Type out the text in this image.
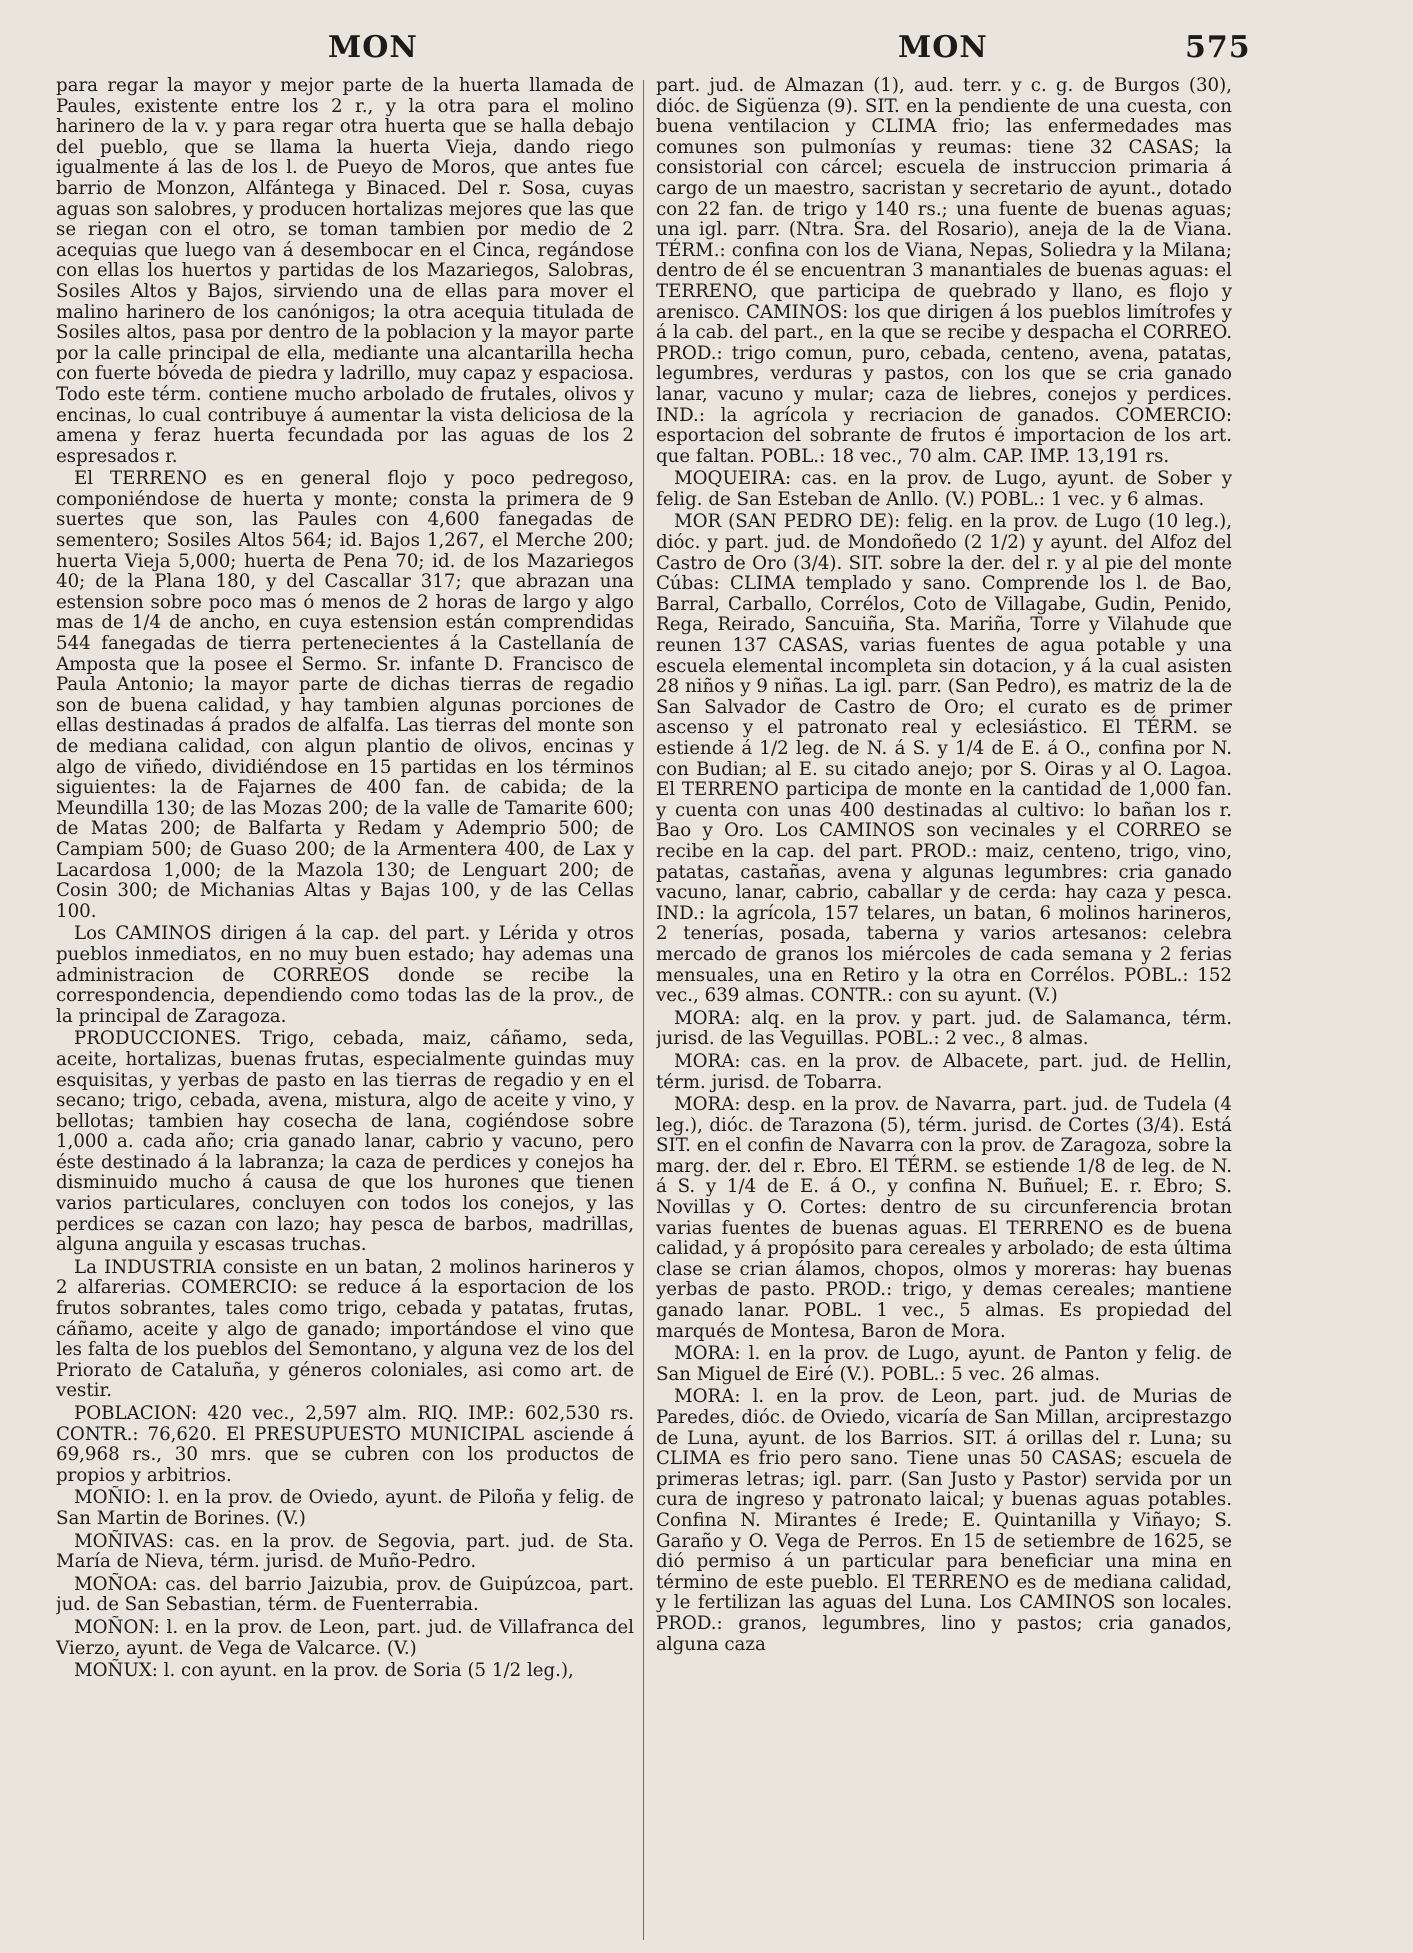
MON	MON	575

para regar la mayor y mejor parte de la huerta llamada de Paules, existente entre los 2 r., y la otra para el molino harinero de la v. y para regar otra huerta que se halla debajo del pueblo, que se llama la huerta Vieja, dando riego igualmente á las de los l. de Pueyo de Moros, que antes fue barrio de Monzon, Alfántega y Binaced. Del r. Sosa, cuyas aguas son salobres, y producen hortalizas mejores que las que se riegan con el otro, se toman tambien por medio de 2 acequias que luego van á desembocar en el Cinca, regándose con ellas los huertos y partidas de los Mazariegos, Salobras, Sosiles Altos y Bajos, sirviendo una de ellas para mover el malino harinero de los canónigos; la otra acequia titulada de Sosiles altos, pasa por dentro de la poblacion y la mayor parte por la calle principal de ella, mediante una alcantarilla hecha con fuerte bóveda de piedra y ladrillo, muy capaz y espaciosa. Todo este térm. contiene mucho arbolado de frutales, olivos y encinas, lo cual contribuye á aumentar la vista deliciosa de la amena y feraz huerta fecundada por las aguas de los 2 espresados r.

El TERRENO es en general flojo y poco pedregoso, componiéndose de huerta y monte; consta la primera de 9 suertes que son, las Paules con 4,600 fanegadas de sementero; Sosiles Altos 564; id. Bajos 1,267, el Merche 200; huerta Vieja 5,000; huerta de Pena 70; id. de los Mazariegos 40; de la Plana 180, y del Cascallar 317; que abrazan una estension sobre poco mas ó menos de 2 horas de largo y algo mas de 1/4 de ancho, en cuya estension están comprendidas 544 fanegadas de tierra pertenecientes á la Castellanía de Amposta que la posee el Sermo. Sr. infante D. Francisco de Paula Antonio; la mayor parte de dichas tierras de regadio son de buena calidad, y hay tambien algunas porciones de ellas destinadas á prados de alfalfa. Las tierras del monte son de mediana calidad, con algun plantio de olivos, encinas y algo de viñedo, dividiéndose en 15 partidas en los términos siguientes: la de Fajarnes de 400 fan. de cabida; de la Meundilla 130; de las Mozas 200; de la valle de Tamarite 600; de Matas 200; de Balfarta y Redam y Ademprio 500; de Campiam 500; de Guaso 200; de la Armentera 400, de Lax y Lacardosa 1,000; de la Mazola 130; de Lenguart 200; de Cosin 300; de Michanias Altas y Bajas 100, y de las Cellas 100.

Los CAMINOS dirigen á la cap. del part. y Lérida y otros pueblos inmediatos, en no muy buen estado; hay ademas una administracion de CORREOS donde se recibe la correspondencia, dependiendo como todas las de la prov., de la principal de Zaragoza.

PRODUCCIONES. Trigo, cebada, maiz, cáñamo, seda, aceite, hortalizas, buenas frutas, especialmente guindas muy esquisitas, y yerbas de pasto en las tierras de regadio y en el secano; trigo, cebada, avena, mistura, algo de aceite y vino, y bellotas; tambien hay cosecha de lana, cogiéndose sobre 1,000 a. cada año; cria ganado lanar, cabrio y vacuno, pero éste destinado á la labranza; la caza de perdices y conejos ha disminuido mucho á causa de que los hurones que tienen varios particulares, concluyen con todos los conejos, y las perdices se cazan con lazo; hay pesca de barbos, madrillas, alguna anguila y escasas truchas.

La INDUSTRIA consiste en un batan, 2 molinos harineros y 2 alfarerias. COMERCIO: se reduce á la esportacion de los frutos sobrantes, tales como trigo, cebada y patatas, frutas, cáñamo, aceite y algo de ganado; importándose el vino que les falta de los pueblos del Semontano, y alguna vez de los del Priorato de Cataluña, y géneros coloniales, asi como art. de vestir.

POBLACION: 420 vec., 2,597 alm. RIQ. IMP.: 602,530 rs. CONTR.: 76,620. El PRESUPUESTO MUNICIPAL asciende á 69,968 rs., 30 mrs. que se cubren con los productos de propios y arbitrios.

MOÑIO: l. en la prov. de Oviedo, ayunt. de Piloña y felig. de San Martin de Borines. (V.)

MOÑIVAS: cas. en la prov. de Segovia, part. jud. de Sta. María de Nieva, térm. jurisd. de Muño-Pedro.

MOÑOA: cas. del barrio Jaizubia, prov. de Guipúzcoa, part. jud. de San Sebastian, térm. de Fuenterrabia.

MOÑON: l. en la prov. de Leon, part. jud. de Villafranca del Vierzo, ayunt. de Vega de Valcarce. (V.)

MOÑUX: l. con ayunt. en la prov. de Soria (5 1/2 leg.),

part. jud. de Almazan (1), aud. terr. y c. g. de Burgos (30), dióc. de Sigüenza (9). SIT. en la pendiente de una cuesta, con buena ventilacion y CLIMA frio; las enfermedades mas comunes son pulmonías y reumas: tiene 32 CASAS; la consistorial con cárcel; escuela de instruccion primaria á cargo de un maestro, sacristan y secretario de ayunt., dotado con 22 fan. de trigo y 140 rs.; una fuente de buenas aguas; una igl. parr. (Ntra. Sra. del Rosario), aneja de la de Viana. TÉRM.: confina con los de Viana, Nepas, Soliedra y la Milana; dentro de él se encuentran 3 manantiales de buenas aguas: el TERRENO, que participa de quebrado y llano, es flojo y arenisco. CAMINOS: los que dirigen á los pueblos limítrofes y á la cab. del part., en la que se recibe y despacha el CORREO. PROD.: trigo comun, puro, cebada, centeno, avena, patatas, legumbres, verduras y pastos, con los que se cria ganado lanar, vacuno y mular; caza de liebres, conejos y perdices. IND.: la agrícola y recriacion de ganados. COMERCIO: esportacion del sobrante de frutos é importacion de los art. que faltan. POBL.: 18 vec., 70 alm. CAP. IMP. 13,191 rs.

MOQUEIRA: cas. en la prov. de Lugo, ayunt. de Sober y felig. de San Esteban de Anllo. (V.) POBL.: 1 vec. y 6 almas.

MOR (SAN PEDRO DE): felig. en la prov. de Lugo (10 leg.), dióc. y part. jud. de Mondoñedo (2 1/2) y ayunt. del Alfoz del Castro de Oro (3/4). SIT. sobre la der. del r. y al pie del monte Cúbas: CLIMA templado y sano. Comprende los l. de Bao, Barral, Carballo, Corrélos, Coto de Villagabe, Gudin, Penido, Rega, Reirado, Sancuiña, Sta. Mariña, Torre y Vilahude que reunen 137 CASAS, varias fuentes de agua potable y una escuela elemental incompleta sin dotacion, y á la cual asisten 28 niños y 9 niñas. La igl. parr. (San Pedro), es matriz de la de San Salvador de Castro de Oro; el curato es de primer ascenso y el patronato real y eclesiástico. El TÉRM. se estiende á 1/2 leg. de N. á S. y 1/4 de E. á O., confina por N. con Budian; al E. su citado anejo; por S. Oiras y al O. Lagoa. El TERRENO participa de monte en la cantidad de 1,000 fan. y cuenta con unas 400 destinadas al cultivo: lo bañan los r. Bao y Oro. Los CAMINOS son vecinales y el CORREO se recibe en la cap. del part. PROD.: maiz, centeno, trigo, vino, patatas, castañas, avena y algunas legumbres: cria ganado vacuno, lanar, cabrio, caballar y de cerda: hay caza y pesca. IND.: la agrícola, 157 telares, un batan, 6 molinos harineros, 2 tenerías, posada, taberna y varios artesanos: celebra mercado de granos los miércoles de cada semana y 2 ferias mensuales, una en Retiro y la otra en Corrélos. POBL.: 152 vec., 639 almas. CONTR.: con su ayunt. (V.)

MORA: alq. en la prov. y part. jud. de Salamanca, térm. jurisd. de las Veguillas. POBL.: 2 vec., 8 almas.

MORA: cas. en la prov. de Albacete, part. jud. de Hellin, térm. jurisd. de Tobarra.

MORA: desp. en la prov. de Navarra, part. jud. de Tudela (4 leg.), dióc. de Tarazona (5), térm. jurisd. de Cortes (3/4). Está SIT. en el confin de Navarra con la prov. de Zaragoza, sobre la marg. der. del r. Ebro. El TÉRM. se estiende 1/8 de leg. de N. á S. y 1/4 de E. á O., y confina N. Buñuel; E. r. Ebro; S. Novillas y O. Cortes: dentro de su circunferencia brotan varias fuentes de buenas aguas. El TERRENO es de buena calidad, y á propósito para cereales y arbolado; de esta última clase se crian álamos, chopos, olmos y moreras: hay buenas yerbas de pasto. PROD.: trigo, y demas cereales; mantiene ganado lanar. POBL. 1 vec., 5 almas. Es propiedad del marqués de Montesa, Baron de Mora.

MORA: l. en la prov. de Lugo, ayunt. de Panton y felig. de San Miguel de Eiré (V.). POBL.: 5 vec. 26 almas.

MORA: l. en la prov. de Leon, part. jud. de Murias de Paredes, dióc. de Oviedo, vicaría de San Millan, arciprestazgo de Luna, ayunt. de los Barrios. SIT. á orillas del r. Luna; su CLIMA es frio pero sano. Tiene unas 50 CASAS; escuela de primeras letras; igl. parr. (San Justo y Pastor) servida por un cura de ingreso y patronato laical; y buenas aguas potables. Confina N. Mirantes é Irede; E. Quintanilla y Viñayo; S. Garaño y O. Vega de Perros. En 15 de setiembre de 1625, se dió permiso á un particular para beneficiar una mina en término de este pueblo. El TERRENO es de mediana calidad, y le fertilizan las aguas del Luna. Los CAMINOS son locales. PROD.: granos, legumbres, lino y pastos; cria ganados, alguna caza
